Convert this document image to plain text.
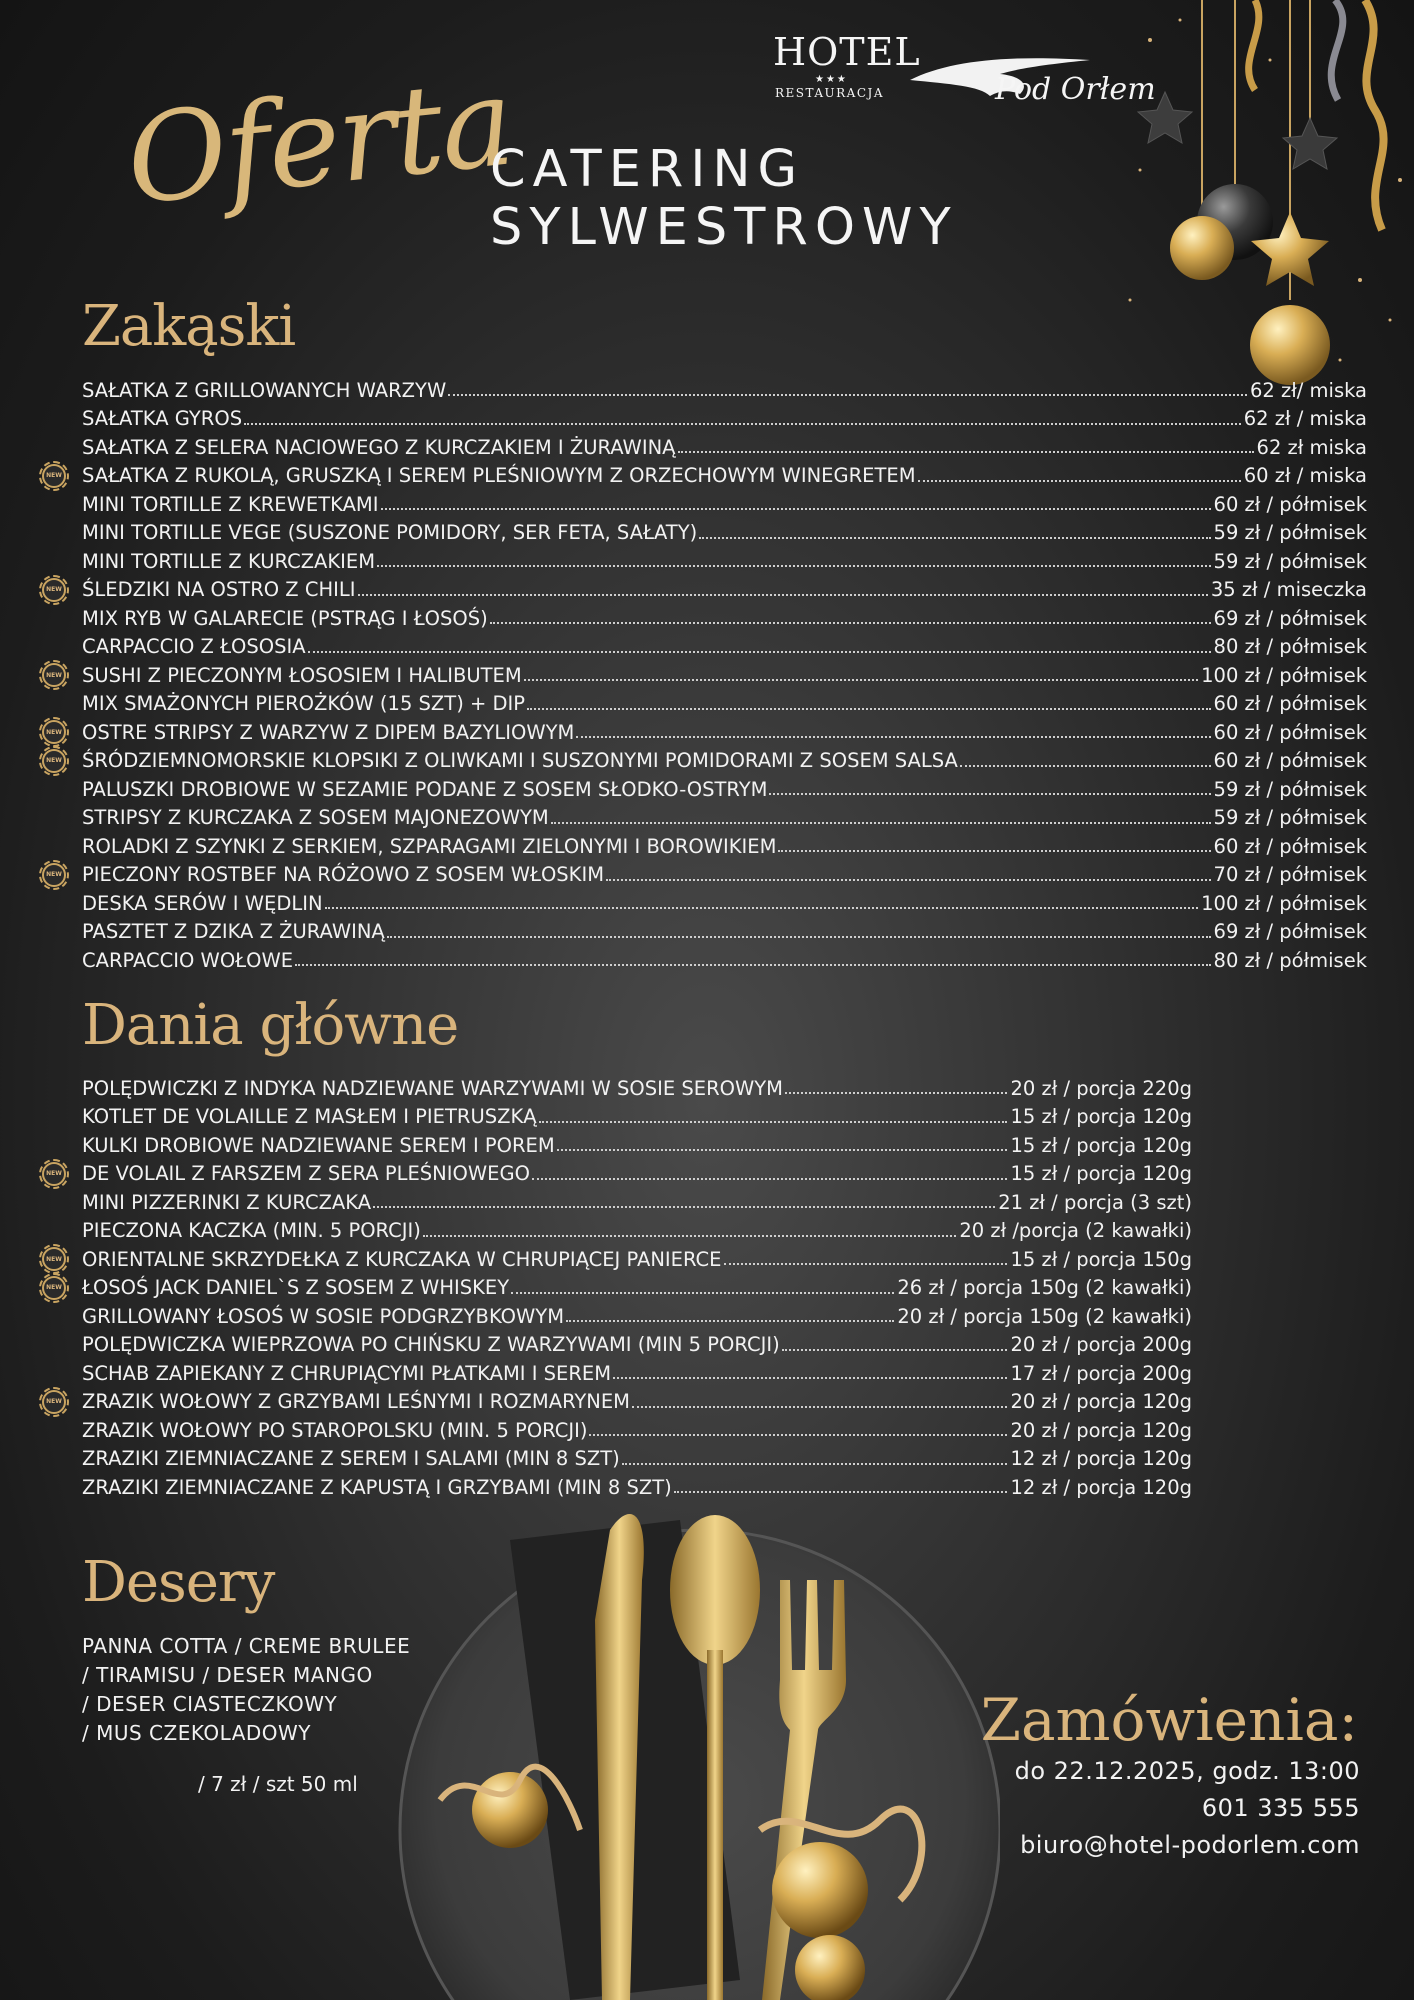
HOTEL
★★★
RESTAURACJA	Pod Orłem
Oferta
CATERING
SYLWESTROWY
Zakąski
SAŁATKA Z GRILLOWANYCH WARZYW	62 zł/ miska
SAŁATKA GYROS	62 zł / miska
SAŁATKA Z SELERA NACIOWEGO Z KURCZAKIEM I ŻURAWINĄ	62 zł miska
NEW SAŁATKA Z RUKOLĄ, GRUSZKĄ I SEREM PLEŚNIOWYM Z ORZECHOWYM WINEGRETEM	60 zł / miska
MINI TORTILLE Z KREWETKAMI	60 zł / półmisek
MINI TORTILLE VEGE (SUSZONE POMIDORY, SER FETA, SAŁATY)	59 zł / półmisek
MINI TORTILLE Z KURCZAKIEM	59 zł / półmisek
NEW ŚLEDZIKI NA OSTRO Z CHILI	35 zł / miseczka
MIX RYB W GALARECIE (PSTRĄG I ŁOSOŚ)	69 zł / półmisek
CARPACCIO Z ŁOSOSIA	80 zł / półmisek
NEW SUSHI Z PIECZONYM ŁOSOSIEM I HALIBUTEM	100 zł / półmisek
MIX SMAŻONYCH PIEROŻKÓW (15 SZT) + DIP	60 zł / półmisek
NEW OSTRE STRIPSY Z WARZYW Z DIPEM BAZYLIOWYM	60 zł / półmisek
NEW ŚRÓDZIEMNOMORSKIE KLOPSIKI Z OLIWKAMI I SUSZONYMI POMIDORAMI Z SOSEM SALSA	60 zł / półmisek
PALUSZKI DROBIOWE W SEZAMIE PODANE Z SOSEM SŁODKO-OSTRYM	59 zł / półmisek
STRIPSY Z KURCZAKA Z SOSEM MAJONEZOWYM	59 zł / półmisek
ROLADKI Z SZYNKI Z SERKIEM, SZPARAGAMI ZIELONYMI I BOROWIKIEM	60 zł / półmisek
NEW PIECZONY ROSTBEF NA RÓŻOWO Z SOSEM WŁOSKIM	70 zł / półmisek
DESKA SERÓW I WĘDLIN	100 zł / półmisek
PASZTET Z DZIKA Z ŻURAWINĄ	69 zł / półmisek
CARPACCIO WOŁOWE	80 zł / półmisek
Dania główne
POLĘDWICZKI Z INDYKA NADZIEWANE WARZYWAMI W SOSIE SEROWYM	20 zł / porcja 220g
KOTLET DE VOLAILLE Z MASŁEM I PIETRUSZKĄ	15 zł / porcja 120g
KULKI DROBIOWE NADZIEWANE SEREM I POREM	15 zł / porcja 120g
NEW DE VOLAIL Z FARSZEM Z SERA PLEŚNIOWEGO	15 zł / porcja 120g
MINI PIZZERINKI Z KURCZAKA	21 zł / porcja (3 szt)
PIECZONA KACZKA (MIN. 5 PORCJI)	20 zł /porcja (2 kawałki)
NEW ORIENTALNE SKRZYDEŁKA Z KURCZAKA W CHRUPIĄCEJ PANIERCE	15 zł / porcja 150g
NEW ŁOSOŚ JACK DANIEL`S Z SOSEM Z WHISKEY	26 zł / porcja 150g (2 kawałki)
GRILLOWANY ŁOSOŚ W SOSIE PODGRZYBKOWYM	20 zł / porcja 150g (2 kawałki)
POLĘDWICZKA WIEPRZOWA PO CHIŃSKU Z WARZYWAMI (MIN 5 PORCJI)	20 zł / porcja 200g
SCHAB ZAPIEKANY Z CHRUPIĄCYMI PŁATKAMI I SEREM	17 zł / porcja 200g
NEW ZRAZIK WOŁOWY Z GRZYBAMI LEŚNYMI I ROZMARYNEM	20 zł / porcja 120g
ZRAZIK WOŁOWY PO STAROPOLSKU (MIN. 5 PORCJI)	20 zł / porcja 120g
ZRAZIKI ZIEMNIACZANE Z SEREM I SALAMI (MIN 8 SZT)	12 zł / porcja 120g
ZRAZIKI ZIEMNIACZANE Z KAPUSTĄ I GRZYBAMI (MIN 8 SZT)	12 zł / porcja 120g
Desery
PANNA COTTA / CREME BRULEE
/ TIRAMISU / DESER MANGO
/ DESER CIASTECZKOWY
/ MUS CZEKOLADOWY
/ 7 zł / szt 50 ml
Zamówienia:
do 22.12.2025, godz. 13:00
601 335 555
biuro@hotel-podorlem.com
